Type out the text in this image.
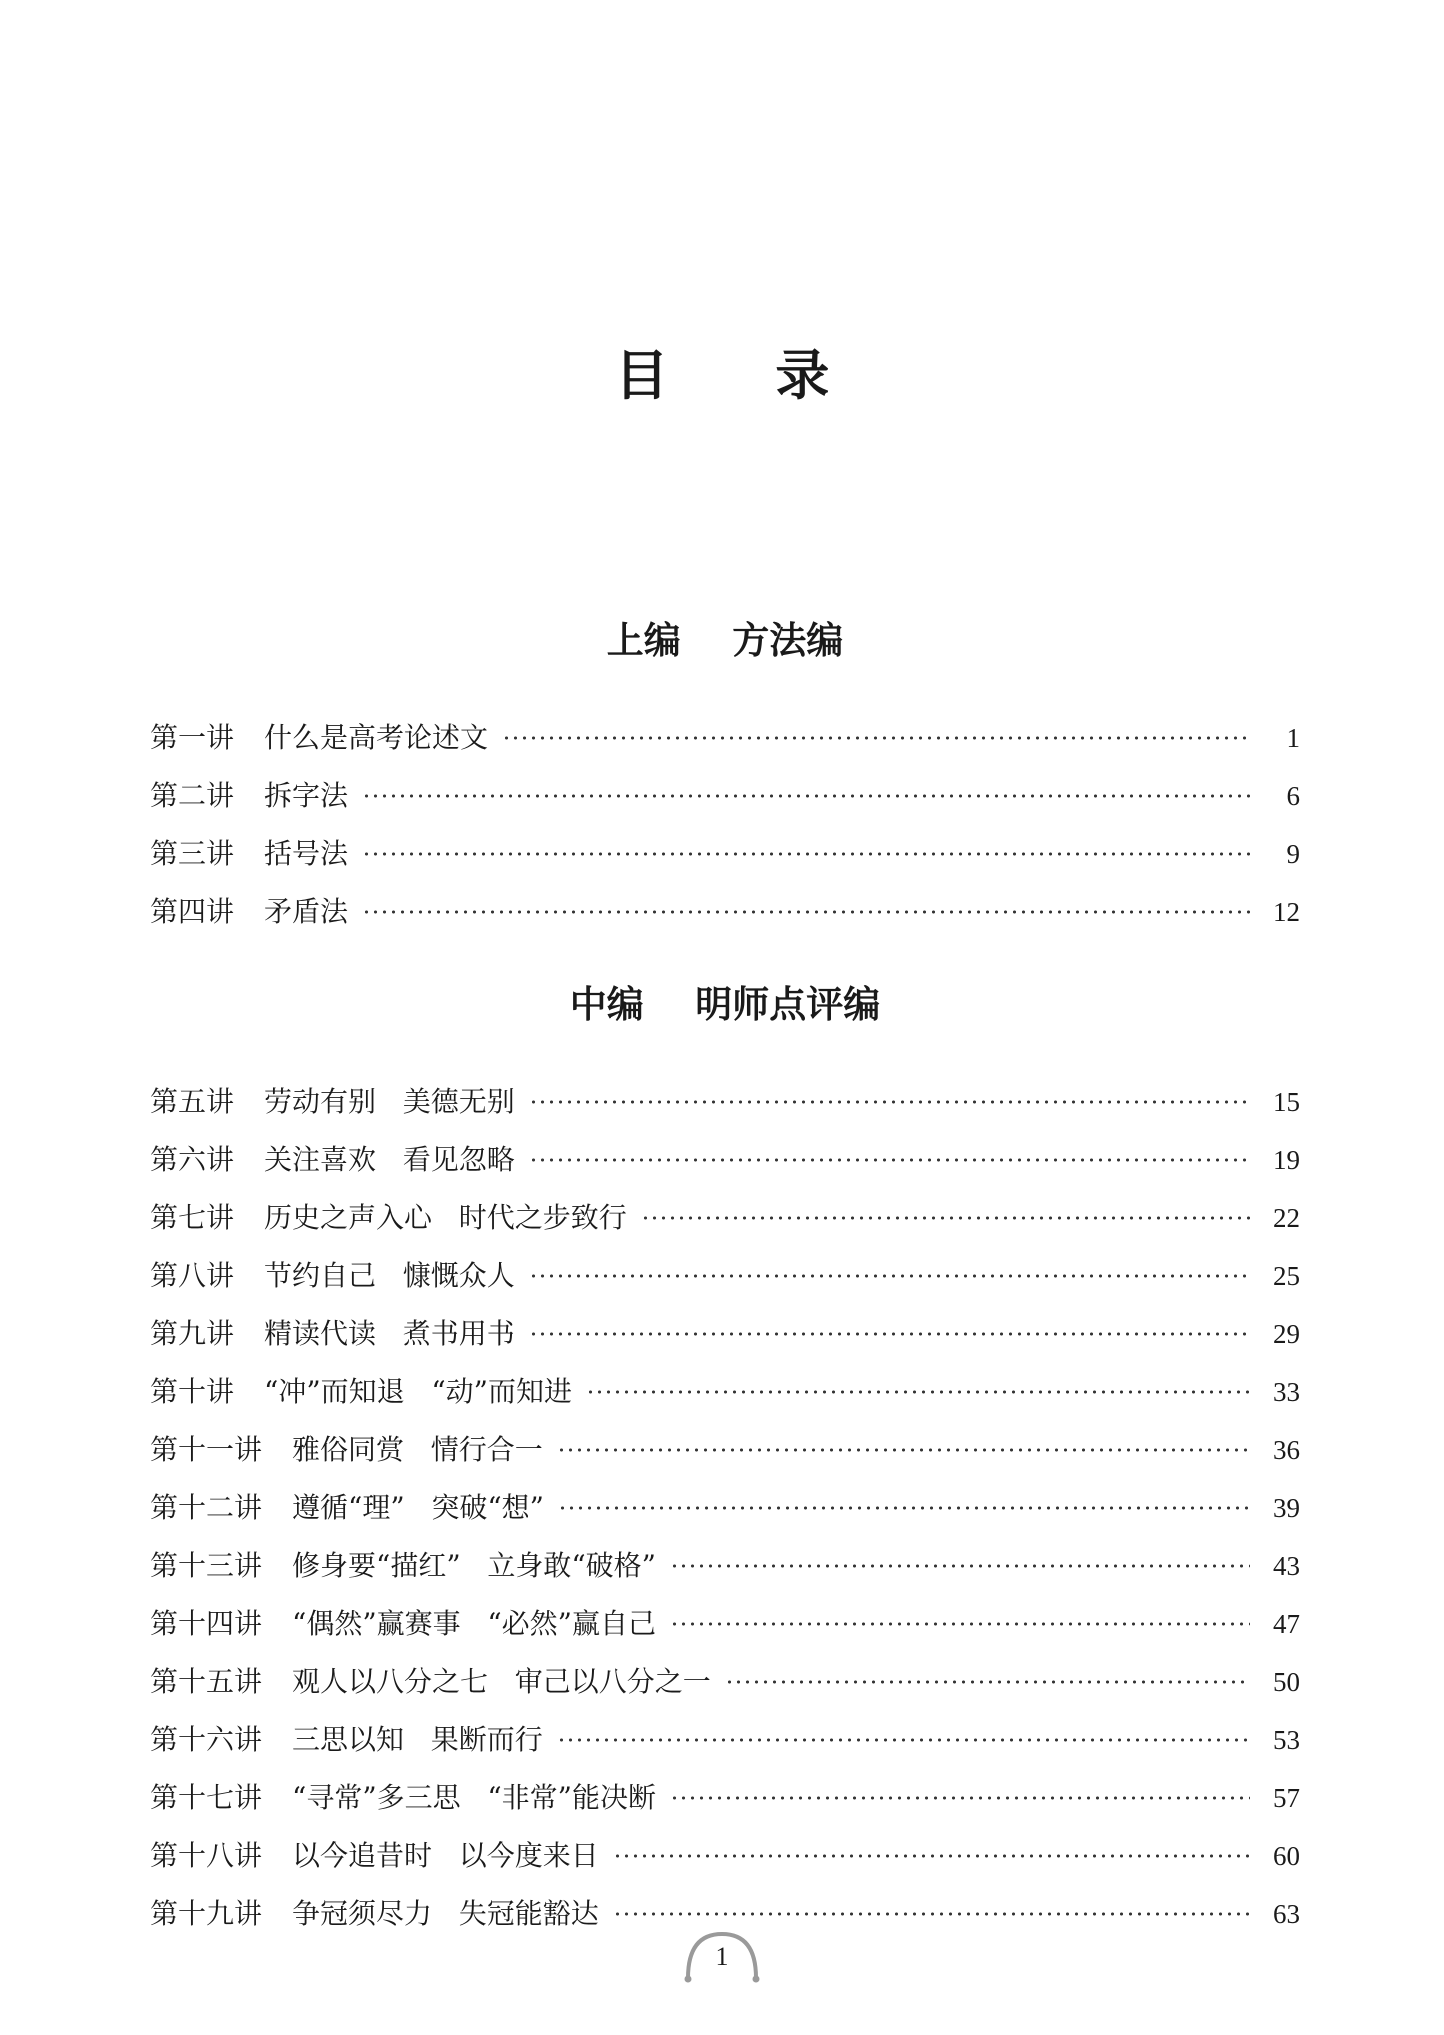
目 录
上编    方法编
第一讲 什么是高考论述文	1
第二讲 拆字法	6
第三讲 括号法	9
第四讲 矛盾法	12
中编    明师点评编
第五讲 劳动有别   美德无别	15
第六讲 关注喜欢   看见忽略	19
第七讲 历史之声入心   时代之步致行	22
第八讲 节约自己   慷慨众人	25
第九讲 精读代读   煮书用书	29
第十讲 “冲”而知退   “动”而知进	33
第十一讲 雅俗同赏   情行合一	36
第十二讲 遵循“理”   突破“想”	39
第十三讲 修身要“描红”   立身敢“破格”	43
第十四讲 “偶然”赢赛事   “必然”赢自己	47
第十五讲 观人以八分之七   审己以八分之一	50
第十六讲 三思以知   果断而行	53
第十七讲 “寻常”多三思   “非常”能决断	57
第十八讲 以今追昔时   以今度来日	60
第十九讲 争冠须尽力   失冠能豁达	63
1
